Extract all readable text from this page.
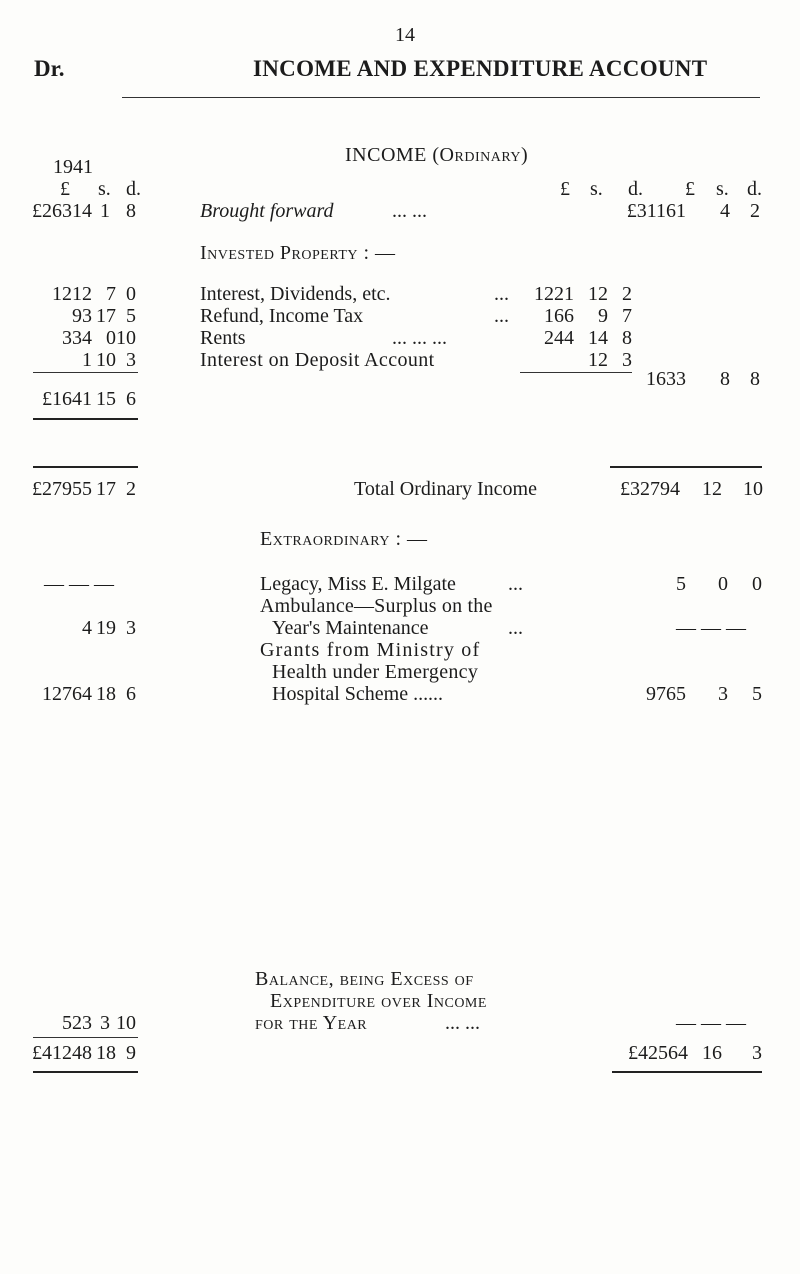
14
Dr.	INCOME AND EXPENDITURE ACCOUNT
INCOME (Ordinary)
1941
£ s. d.	£ s. d. £ s. d.
£26314 1 8	Brought forward	... ...	£31161	4	2
Invested Property : —
1212 7 0	Interest, Dividends, etc.	...	1221 12 2
93 17 5	Refund, Income Tax	...	166	9 7
334 0 10	Rents	... ... ...	244 14 8
1 10 3	Interest on Deposit Account	12 3
1633	8	8
£1641 15 6
£27955 17 2	Total Ordinary Income	£32794	12	10
Extraordinary : —
— — —	Legacy, Miss E. Milgate	...	5	0	0
Ambulance—Surplus on the
4 19 3	Year's Maintenance	...	— — —
Grants from Ministry of
Health under Emergency
12764 18 6	Hospital Scheme ... ...	9765	3	5
Balance, being Excess of
Expenditure over Income
523 3 10	for the Year	... ...	— — —
£41248 18 9	£42564 16	3
